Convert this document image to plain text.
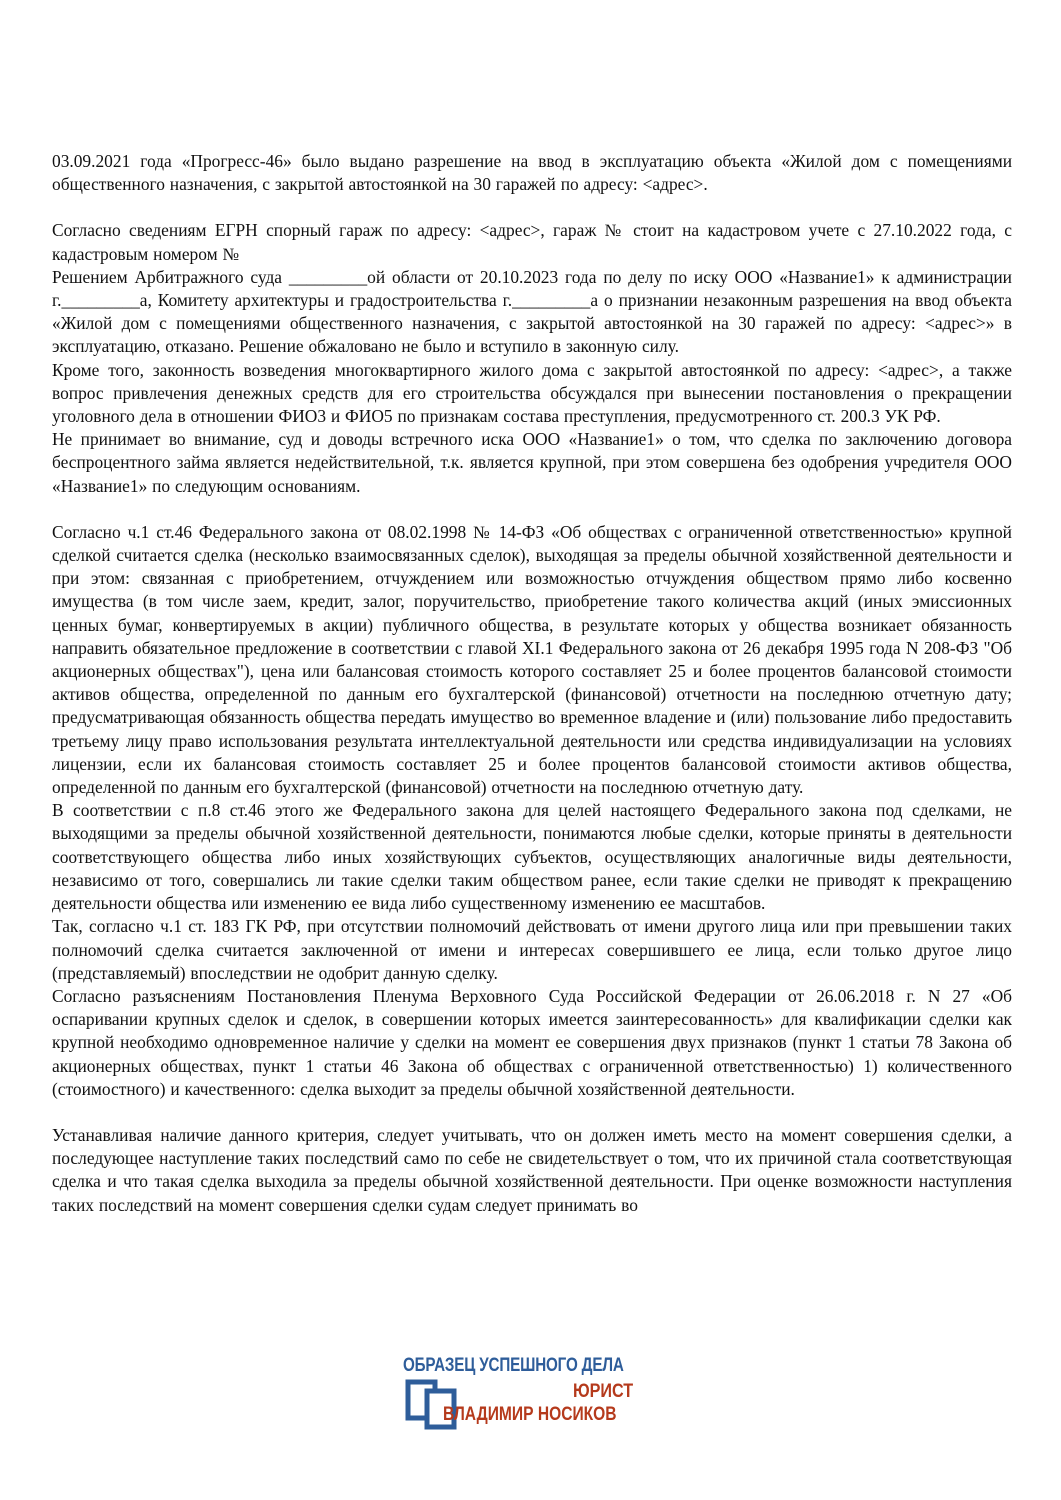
03.09.2021 года «Прогресс-46» было выдано разрешение на ввод в эксплуатацию объекта «Жилой дом с помещениями общественного назначения, с закрытой автостоянкой на 30 гаражей по адресу: <адрес>.

Согласно сведениям ЕГРН спорный гараж по адресу: <адрес>, гараж № стоит на кадастровом учете с 27.10.2022 года, с кадастровым номером №

Решением Арбитражного суда _________ой области от 20.10.2023 года по делу по иску ООО «Название1» к администрации г._________а, Комитету архитектуры и градостроительства г._________а о признании незаконным разрешения на ввод объекта «Жилой дом с помещениями общественного назначения, с закрытой автостоянкой на 30 гаражей по адресу: <адрес>» в эксплуатацию, отказано. Решение обжаловано не было и вступило в законную силу.

Кроме того, законность возведения многоквартирного жилого дома с закрытой автостоянкой по адресу: <адрес>, а также вопрос привлечения денежных средств для его строительства обсуждался при вынесении постановления о прекращении уголовного дела в отношении ФИО3 и ФИО5 по признакам состава преступления, предусмотренного ст. 200.3 УК РФ.

Не принимает во внимание, суд и доводы встречного иска ООО «Название1» о том, что сделка по заключению договора беспроцентного займа является недействительной, т.к. является крупной, при этом совершена без одобрения учредителя ООО «Название1» по следующим основаниям.

Согласно ч.1 ст.46 Федерального закона от 08.02.1998 № 14-ФЗ «Об обществах с ограниченной ответственностью» крупной сделкой считается сделка (несколько взаимосвязанных сделок), выходящая за пределы обычной хозяйственной деятельности и при этом: связанная с приобретением, отчуждением или возможностью отчуждения обществом прямо либо косвенно имущества (в том числе заем, кредит, залог, поручительство, приобретение такого количества акций (иных эмиссионных ценных бумаг, конвертируемых в акции) публичного общества, в результате которых у общества возникает обязанность направить обязательное предложение в соответствии с главой XI.1 Федерального закона от 26 декабря 1995 года N 208-ФЗ "Об акционерных обществах"), цена или балансовая стоимость которого составляет 25 и более процентов балансовой стоимости активов общества, определенной по данным его бухгалтерской (финансовой) отчетности на последнюю отчетную дату; предусматривающая обязанность общества передать имущество во временное владение и (или) пользование либо предоставить третьему лицу право использования результата интеллектуальной деятельности или средства индивидуализации на условиях лицензии, если их балансовая стоимость составляет 25 и более процентов балансовой стоимости активов общества, определенной по данным его бухгалтерской (финансовой) отчетности на последнюю отчетную дату.

В соответствии с п.8 ст.46 этого же Федерального закона для целей настоящего Федерального закона под сделками, не выходящими за пределы обычной хозяйственной деятельности, понимаются любые сделки, которые приняты в деятельности соответствующего общества либо иных хозяйствующих субъектов, осуществляющих аналогичные виды деятельности, независимо от того, совершались ли такие сделки таким обществом ранее, если такие сделки не приводят к прекращению деятельности общества или изменению ее вида либо существенному изменению ее масштабов.

Так, согласно ч.1 ст. 183 ГК РФ, при отсутствии полномочий действовать от имени другого лица или при превышении таких полномочий сделка считается заключенной от имени и интересах совершившего ее лица, если только другое лицо (представляемый) впоследствии не одобрит данную сделку.

Согласно разъяснениям Постановления Пленума Верховного Суда Российской Федерации от 26.06.2018 г. N 27 «Об оспаривании крупных сделок и сделок, в совершении которых имеется заинтересованность» для квалификации сделки как крупной необходимо одновременное наличие у сделки на момент ее совершения двух признаков (пункт 1 статьи 78 Закона об акционерных обществах, пункт 1 статьи 46 Закона об обществах с ограниченной ответственностью) 1) количественного (стоимостного) и качественного: сделка выходит за пределы обычной хозяйственной деятельности.

Устанавливая наличие данного критерия, следует учитывать, что он должен иметь место на момент совершения сделки, а последующее наступление таких последствий само по себе не свидетельствует о том, что их причиной стала соответствующая сделка и что такая сделка выходила за пределы обычной хозяйственной деятельности. При оценке возможности наступления таких последствий на момент совершения сделки судам следует принимать во

ОБРАЗЕЦ УСПЕШНОГО ДЕЛА
ЮРИСТ
ВЛАДИМИР НОСИКОВ
